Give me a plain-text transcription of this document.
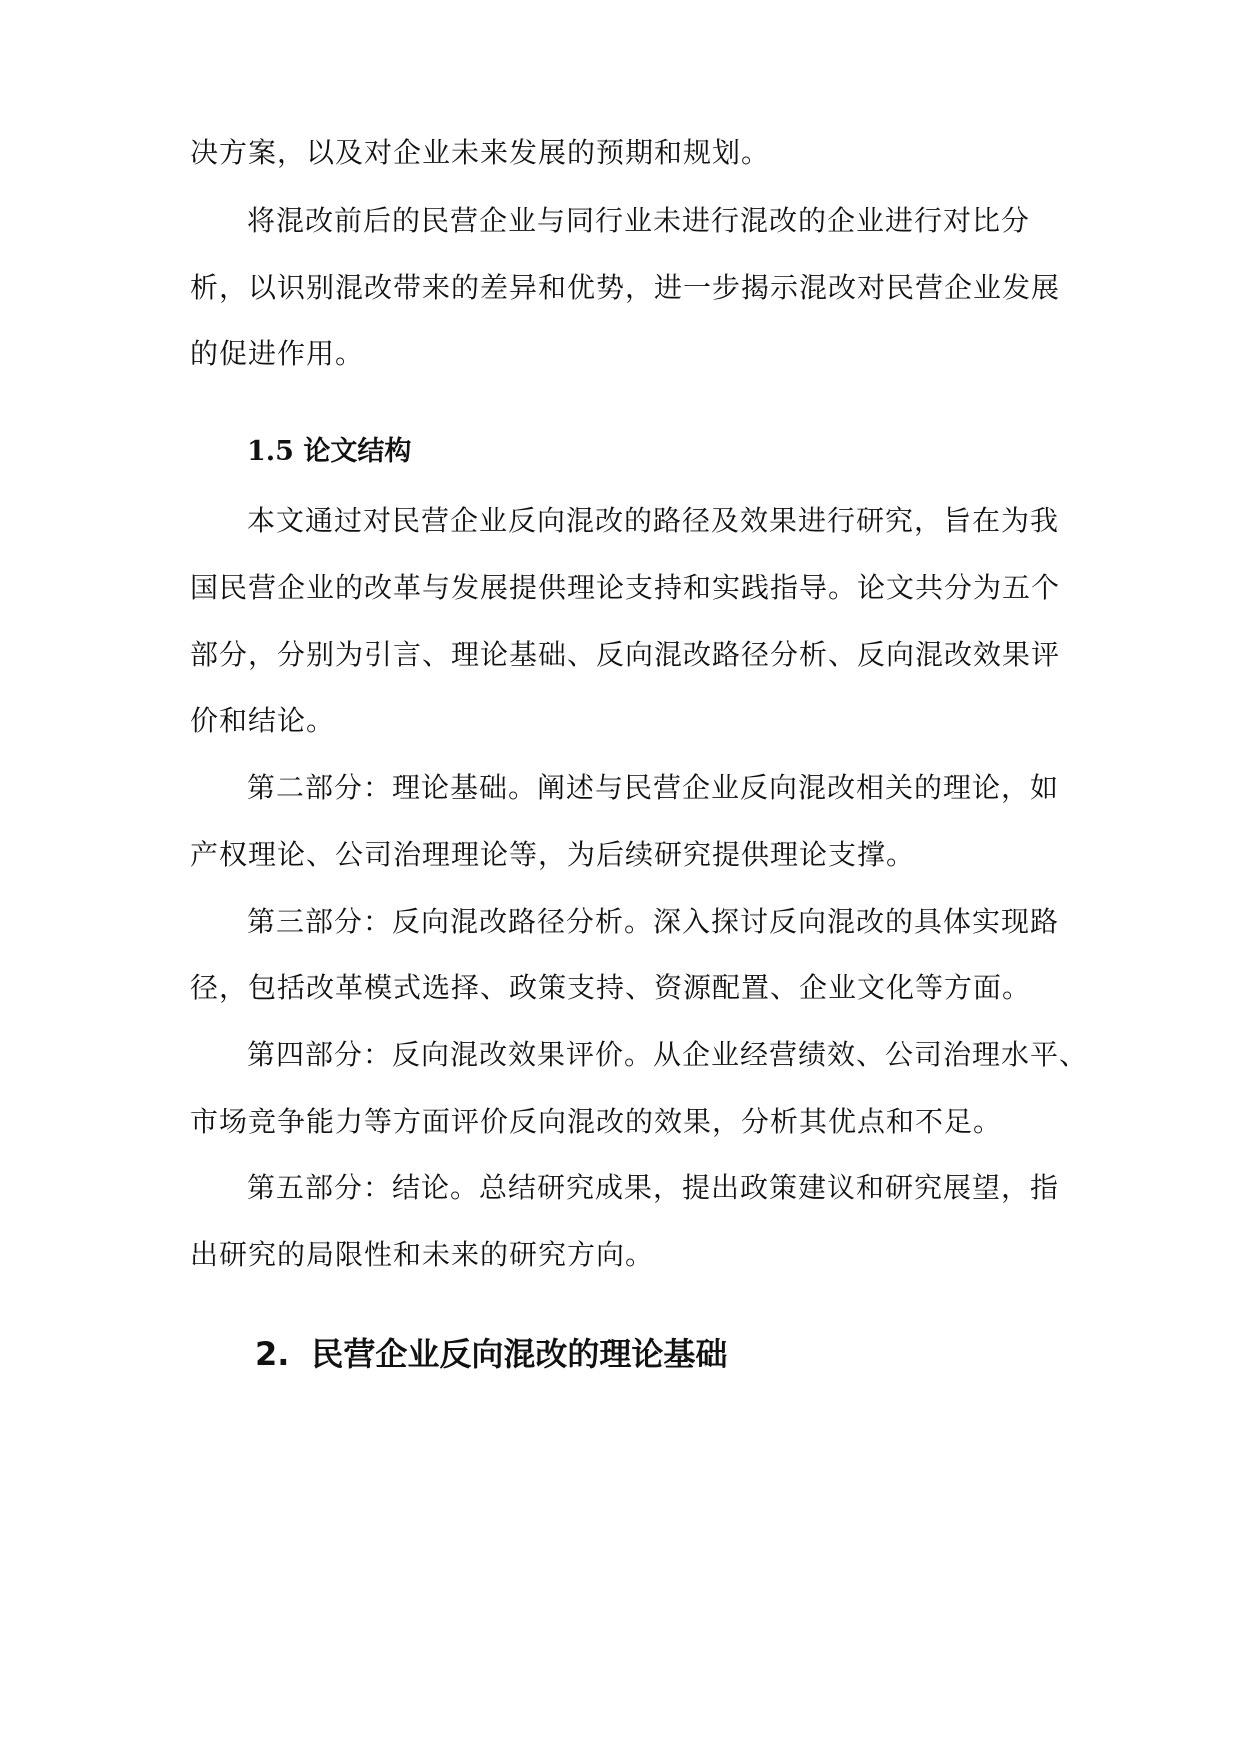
决方案，以及对企业未来发展的预期和规划。
将混改前后的民营企业与同行业未进行混改的企业进行对比分
析，以识别混改带来的差异和优势，进一步揭示混改对民营企业发展
的促进作用。
1.5 论文结构
本文通过对民营企业反向混改的路径及效果进行研究，旨在为我
国民营企业的改革与发展提供理论支持和实践指导。论文共分为五个
部分，分别为引言、理论基础、反向混改路径分析、反向混改效果评
价和结论。
第二部分：理论基础。阐述与民营企业反向混改相关的理论，如
产权理论、公司治理理论等，为后续研究提供理论支撑。
第三部分：反向混改路径分析。深入探讨反向混改的具体实现路
径，包括改革模式选择、政策支持、资源配置、企业文化等方面。
第四部分：反向混改效果评价。从企业经营绩效、公司治理水平、
市场竞争能力等方面评价反向混改的效果，分析其优点和不足。
第五部分：结论。总结研究成果，提出政策建议和研究展望，指
出研究的局限性和未来的研究方向。
2. 民营企业反向混改的理论基础
